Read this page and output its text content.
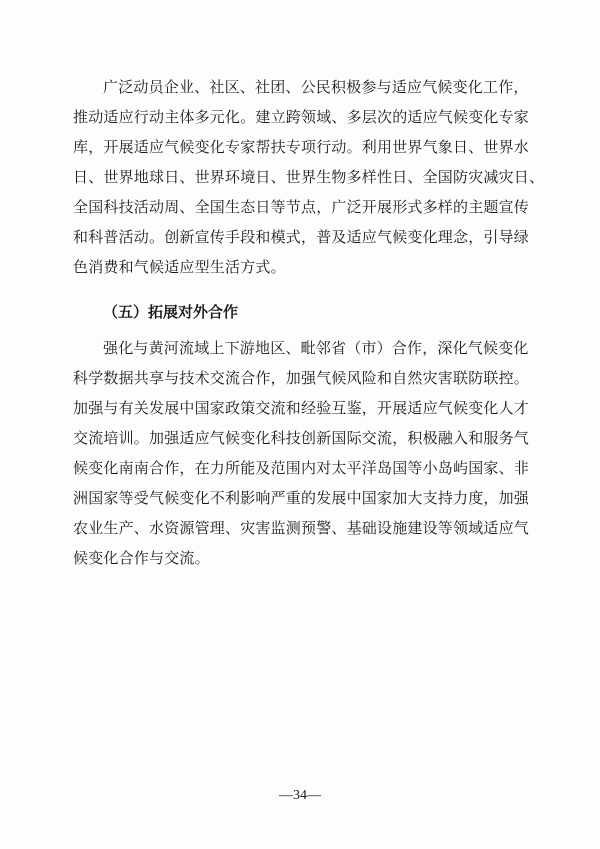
广泛动员企业、社区、社团、公民积极参与适应气候变化工作，
推动适应行动主体多元化。建立跨领域、多层次的适应气候变化专家
库，开展适应气候变化专家帮扶专项行动。利用世界气象日、世界水
日、世界地球日、世界环境日、世界生物多样性日、全国防灾减灾日、
全国科技活动周、全国生态日等节点，广泛开展形式多样的主题宣传
和科普活动。创新宣传手段和模式，普及适应气候变化理念，引导绿
色消费和气候适应型生活方式。
（五）拓展对外合作
强化与黄河流域上下游地区、毗邻省（市）合作，深化气候变化
科学数据共享与技术交流合作，加强气候风险和自然灾害联防联控。
加强与有关发展中国家政策交流和经验互鉴，开展适应气候变化人才
交流培训。加强适应气候变化科技创新国际交流，积极融入和服务气
候变化南南合作，在力所能及范围内对太平洋岛国等小岛屿国家、非
洲国家等受气候变化不利影响严重的发展中国家加大支持力度，加强
农业生产、水资源管理、灾害监测预警、基础设施建设等领域适应气
候变化合作与交流。
—34—
